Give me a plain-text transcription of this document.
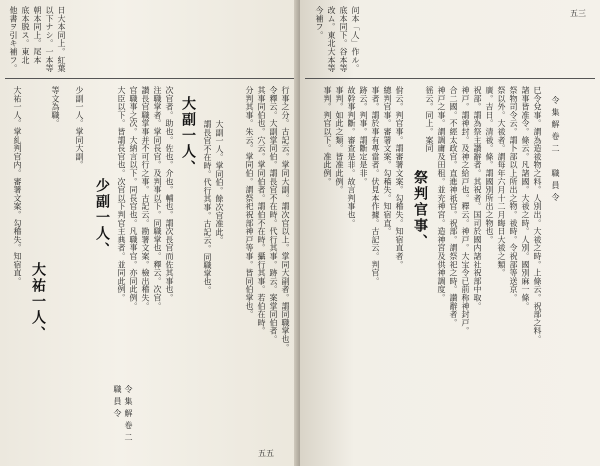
令集解卷二 職員令
五五
他書ヲ引キ補フ。 底本脱ス。東北
朝本同上。尾本
以下ナシ。一本等
日大本同上。紅葉
大副一人、
少副一人、
大祐一人、	行事之分。古記云。掌同大副。謂次官以上。掌同大副者。謂同職掌也。
令釋云。大副掌同伯。謂長官不在時。代行其事。跡云。案掌同伯者。
其事同伯也。穴云。掌同伯者。謂伯不在時。攝行其事。若伯在時。
分判其事。朱云。掌同伯。謂祭祀祝部神戸等事。皆同伯掌也。
大副一人。掌同伯。餘次官准此。
謂長官不在時。代行其事。古記云。同職掌也。
次官者。助也。佐也。介也。輔也。謂次長官而佐其事也。
注職掌者。掌同長官。及判事以下。同職掌也。釋云。次官。
讃長官職掌事并不可行之事。古記云。勘署文案。檢出稽失。
官職事之次。大納言以下。同長官也。凡職事官。亦同此例。
大臣以下。皆謂長官也。次官以下判官主典者。並同此例。
少副一人。掌同大副。
大祐一人。掌糺判官内。審署文案。勾稽失。知宿直。	等文為職。	令集解卷二 職員令
五三
今補フ。 改ム。東北大本等
底本同下。谷本等 问本「人」作ル。
祭判官事、	巳令兌事。謂為造祓物之料。人別出。大祓之時。上條云。祝部之料。
諸事皆准令。條云。凡諸國。大祓之時。人別。國別麻一條。
祭物司令云。謂卜部以上所出之物。祓時。令祝部等送京。
祭以外。大祓者。謂每年六月十二月晦日大祓之類。
廣。吉日。清祓。條。謂國別所出之物也。
祝部。謂為祭主讃辭者。其祝者。国司於國内諸社祝部中取。
神戸。謂神封。及神之給戸也。釋云。神戸。大宝令已前称神封戸。
合二國。不經太政官。直進神祇官。祝部。謂祭祀之時。讃辭者。
神戸之事。謂調庸及田租。並充神宮。造神宮及供神調度。
徭云。同上。案同
佾云。判官事。謂審署文案。勾稽失。知宿直者。
總判官事。審署文案。勾稽失。知宿直。
事者。謂於事有專當者。伏見本作據。古記云。判官。
跡云。判事。謂斷定是非。
故幹事判斷。審查是非。故言判事也。
事判。如此之類。皆准此例。
事判。判官以下。准此例。
